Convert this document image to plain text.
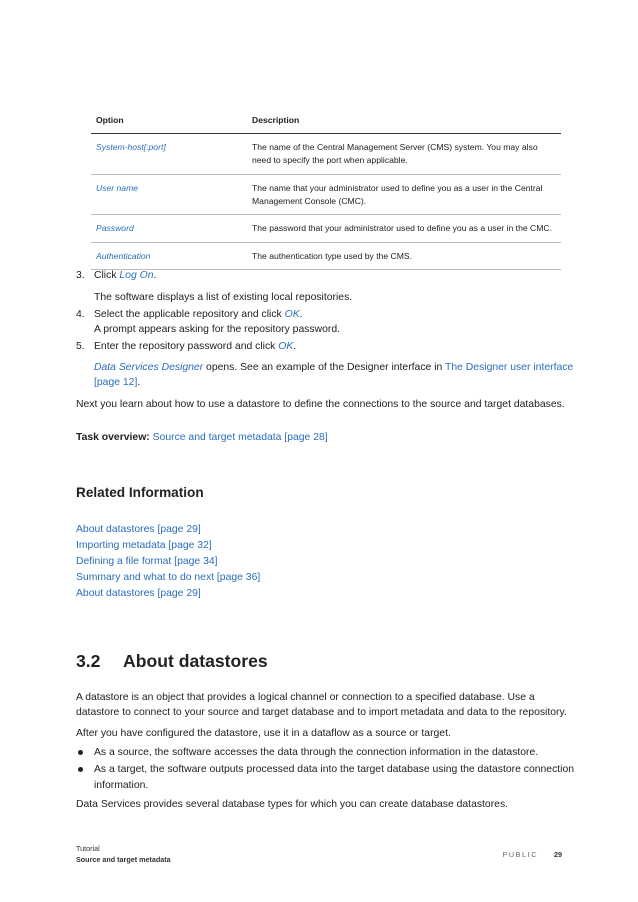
Option	Description
System-host[:port]	The name of the Central Management Server (CMS) system. You may also need to specify the port when applicable.
User name	The name that your administrator used to define you as a user in the Central Management Console (CMC).
Password	The password that your administrator used to define you as a user in the CMC.
Authentication	The authentication type used by the CMS.
3. Click Log On.
The software displays a list of existing local repositories.
4. Select the applicable repository and click OK.
A prompt appears asking for the repository password.
5. Enter the repository password and click OK.
Data Services Designer opens. See an example of the Designer interface in The Designer user interface [page 12].
Next you learn about how to use a datastore to define the connections to the source and target databases.
Task overview: Source and target metadata [page 28]
Related Information
About datastores [page 29]
Importing metadata [page 32]
Defining a file format [page 34]
Summary and what to do next [page 36]
About datastores [page 29]
3.2 About datastores
A datastore is an object that provides a logical channel or connection to a specified database. Use a datastore to connect to your source and target database and to import metadata and data to the repository.
After you have configured the datastore, use it in a dataflow as a source or target.
As a source, the software accesses the data through the connection information in the datastore.
As a target, the software outputs processed data into the target database using the datastore connection information.
Data Services provides several database types for which you can create database datastores.
Tutorial
Source and target metadata
PUBLIC 29
